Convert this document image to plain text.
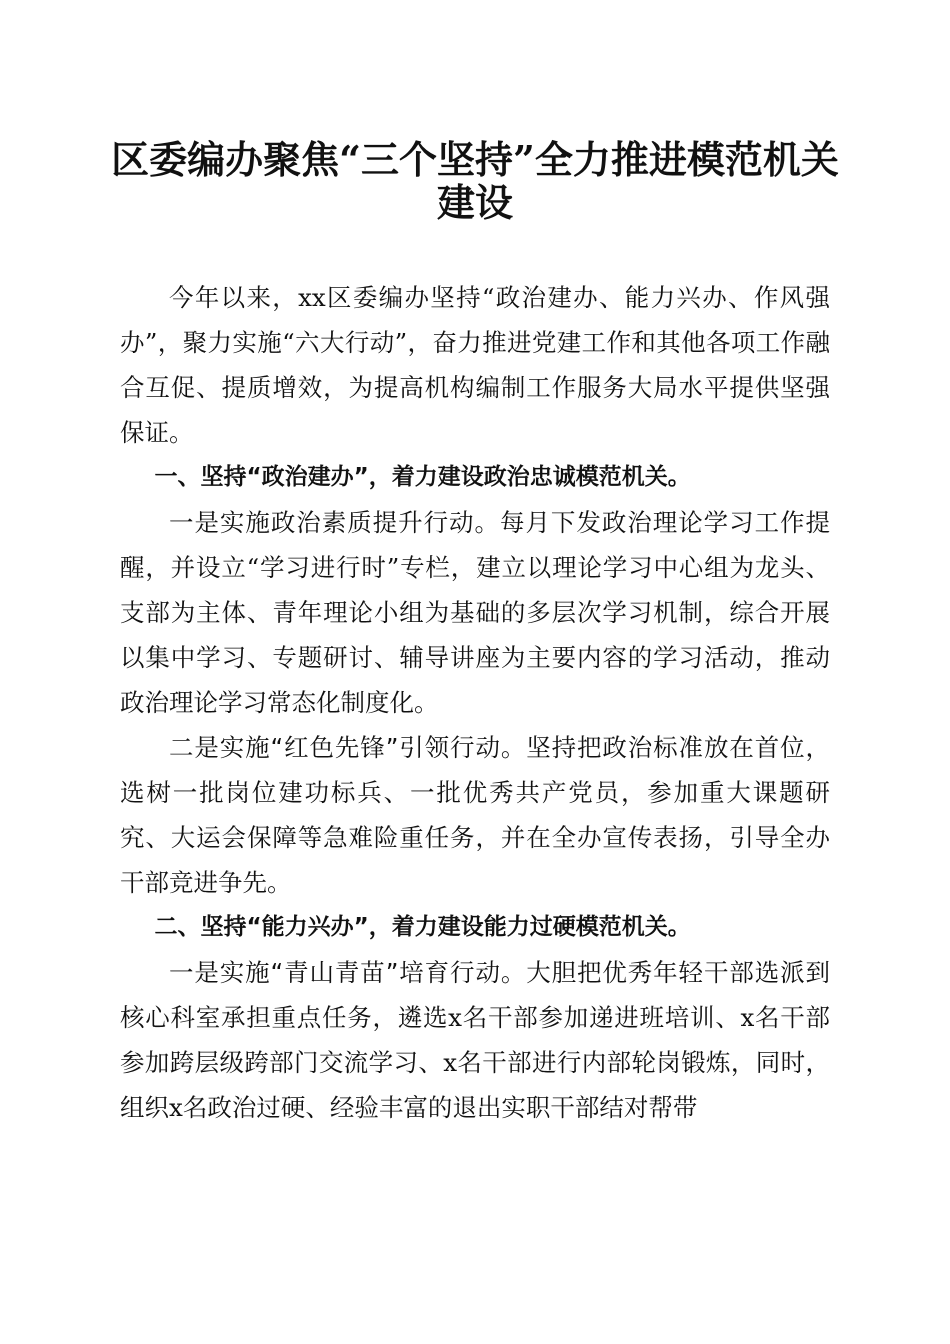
区委编办聚焦“三个坚持”全力推进模范机关
建设

今年以来，xx区委编办坚持“政治建办、能力兴办、作风强办”，聚力实施“六大行动”，奋力推进党建工作和其他各项工作融合互促、提质增效，为提高机构编制工作服务大局水平提供坚强保证。

一、坚持“政治建办”，着力建设政治忠诚模范机关。

一是实施政治素质提升行动。每月下发政治理论学习工作提醒，并设立“学习进行时”专栏，建立以理论学习中心组为龙头、支部为主体、青年理论小组为基础的多层次学习机制，综合开展以集中学习、专题研讨、辅导讲座为主要内容的学习活动，推动政治理论学习常态化制度化。

二是实施“红色先锋”引领行动。坚持把政治标准放在首位，选树一批岗位建功标兵、一批优秀共产党员，参加重大课题研究、大运会保障等急难险重任务，并在全办宣传表扬，引导全办干部竞进争先。

二、坚持“能力兴办”，着力建设能力过硬模范机关。

一是实施“青山青苗”培育行动。大胆把优秀年轻干部选派到核心科室承担重点任务，遴选x名干部参加递进班培训、x名干部参加跨层级跨部门交流学习、x名干部进行内部轮岗锻炼，同时，组织x名政治过硬、经验丰富的退出实职干部结对帮带
